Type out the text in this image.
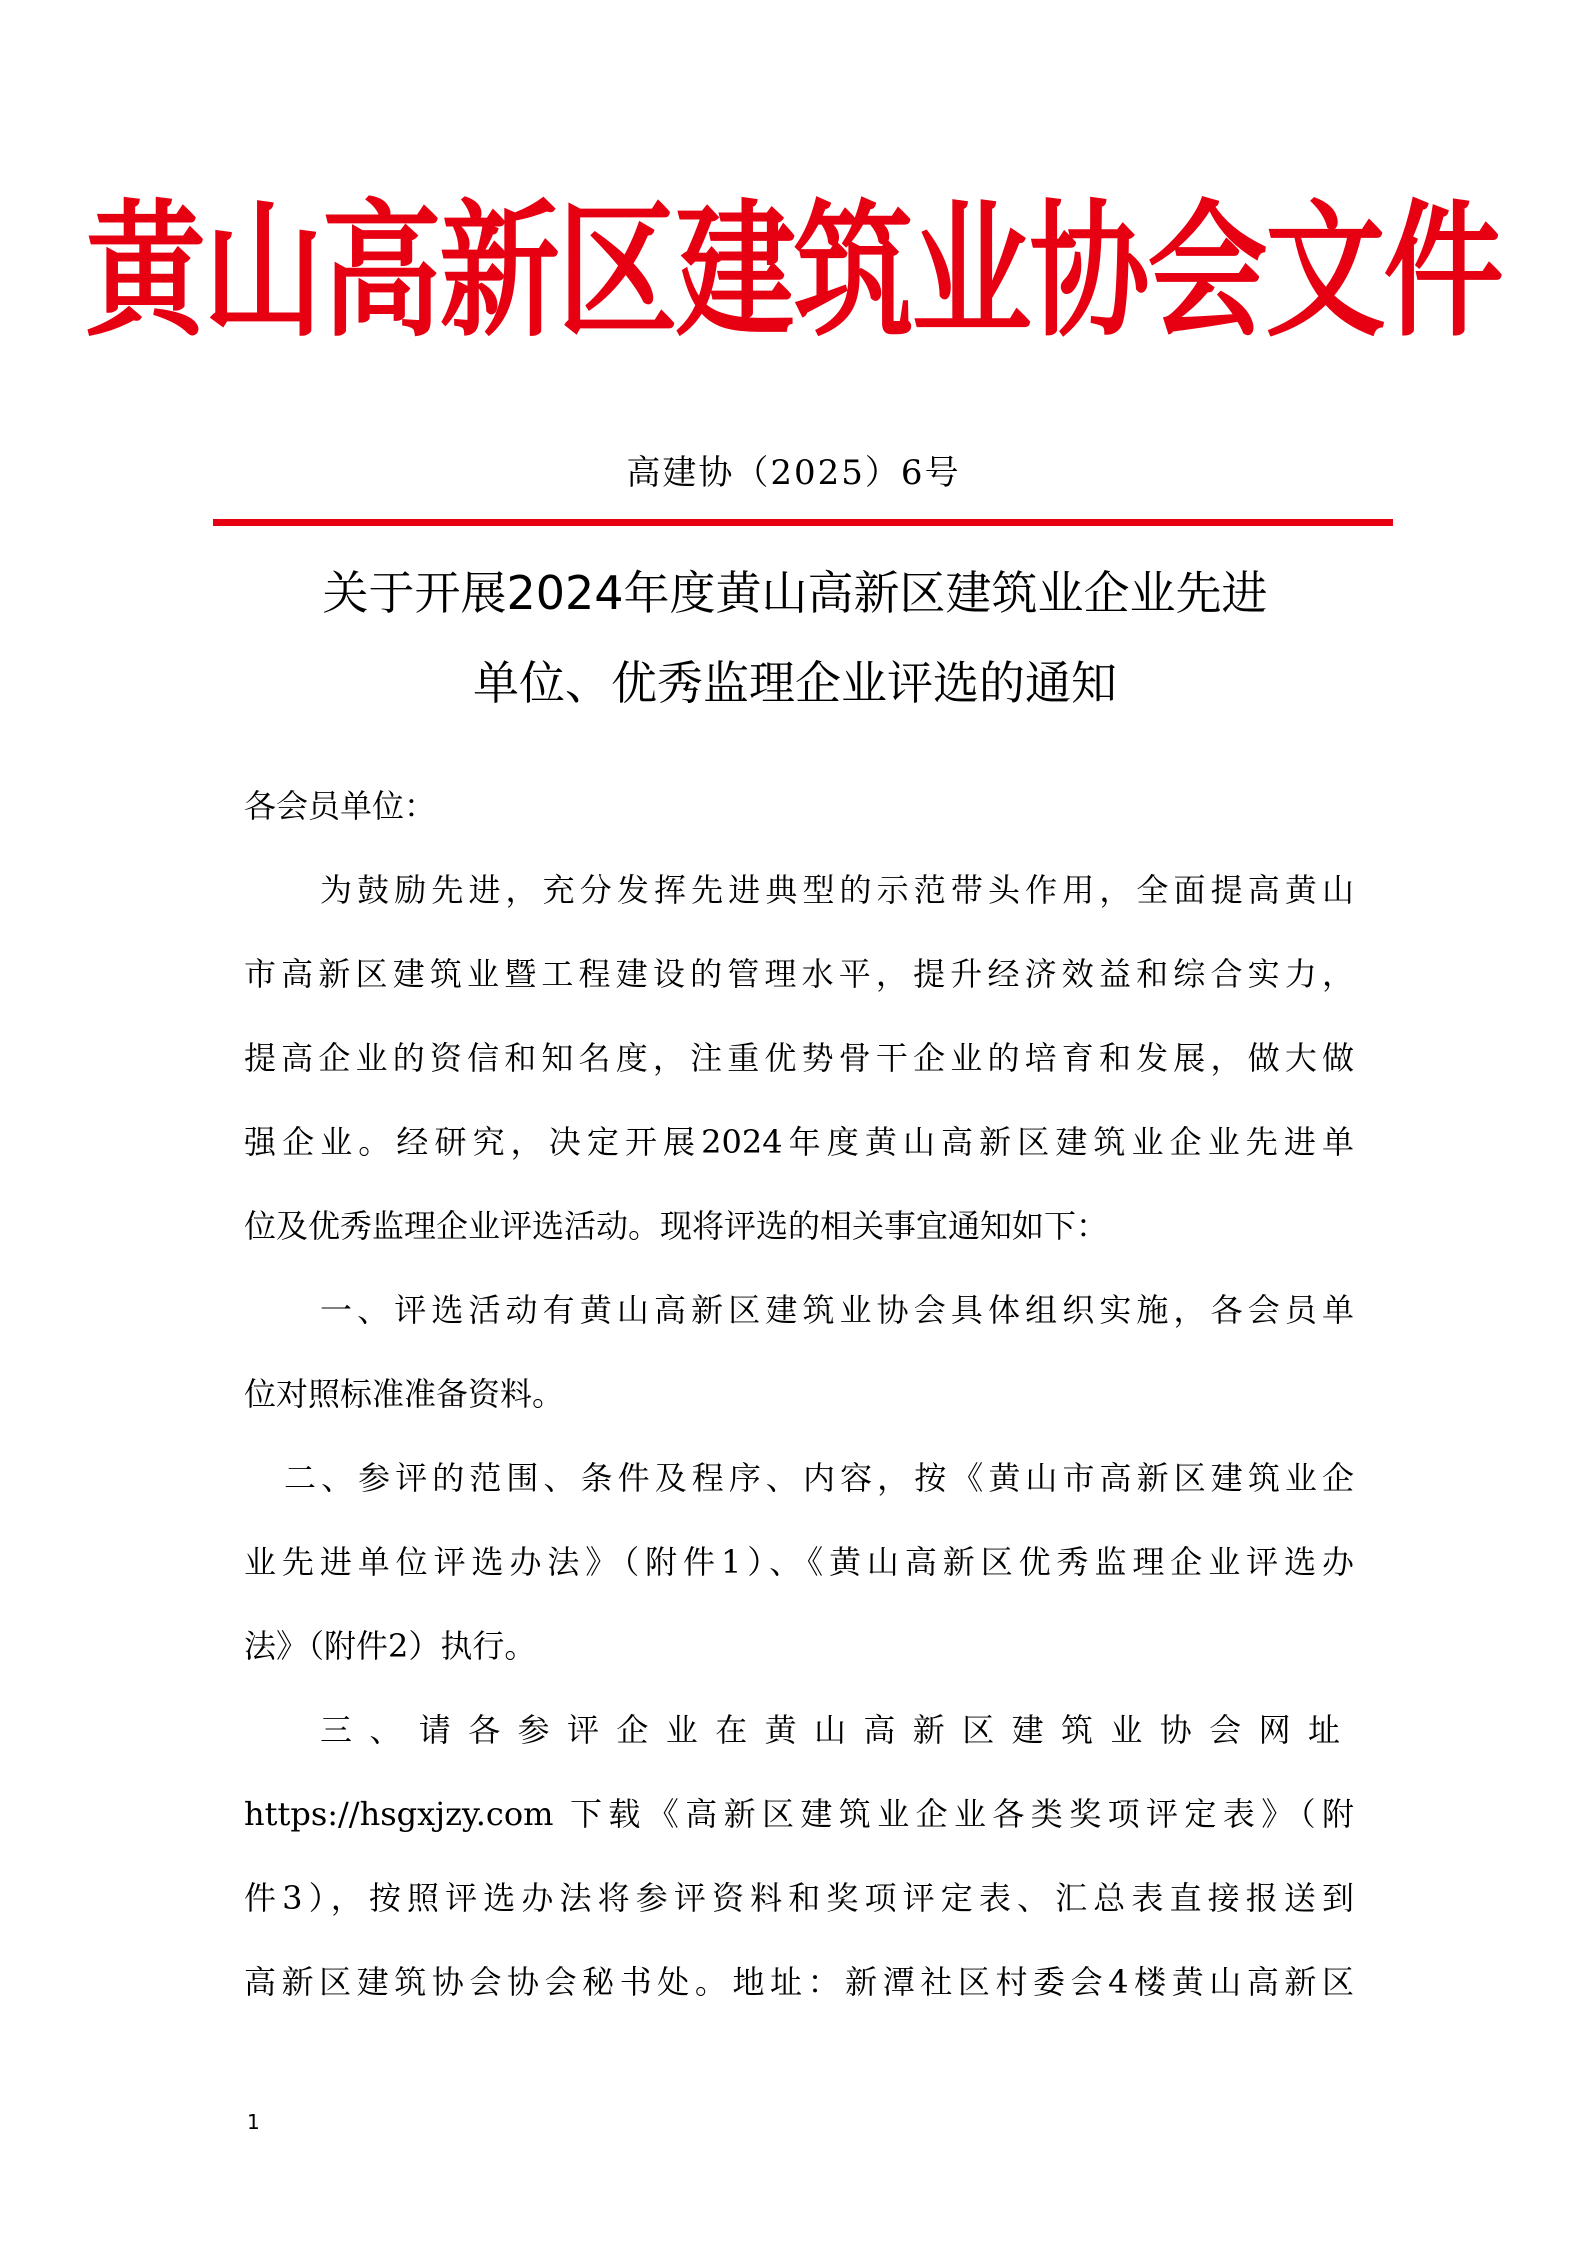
黄山高新区建筑业协会文件
高建协（2025）6号
关于开展2024年度黄山高新区建筑业企业先进
单位、优秀监理企业评选的通知
各会员单位：
为鼓励先进，充分发挥先进典型的示范带头作用，全面提高黄山
市高新区建筑业暨工程建设的管理水平，提升经济效益和综合实力，
提高企业的资信和知名度，注重优势骨干企业的培育和发展，做大做
强企业。经研究，决定开展2024年度黄山高新区建筑业企业先进单
位及优秀监理企业评选活动。现将评选的相关事宜通知如下：
一、评选活动有黄山高新区建筑业协会具体组织实施，各会员单
位对照标准准备资料。
二、参评的范围、条件及程序、内容，按《黄山市高新区建筑业企
业先进单位评选办法》（附件1）、《黄山高新区优秀监理企业评选办
法》（附件2）执行。
三、请各参评企业在黄山高新区建筑业协会网址
https://hsgxjzy.com 下载《高新区建筑业企业各类奖项评定表》（附
件3），按照评选办法将参评资料和奖项评定表、汇总表直接报送到
高新区建筑协会协会秘书处。地址：新潭社区村委会4楼黄山高新区
1
